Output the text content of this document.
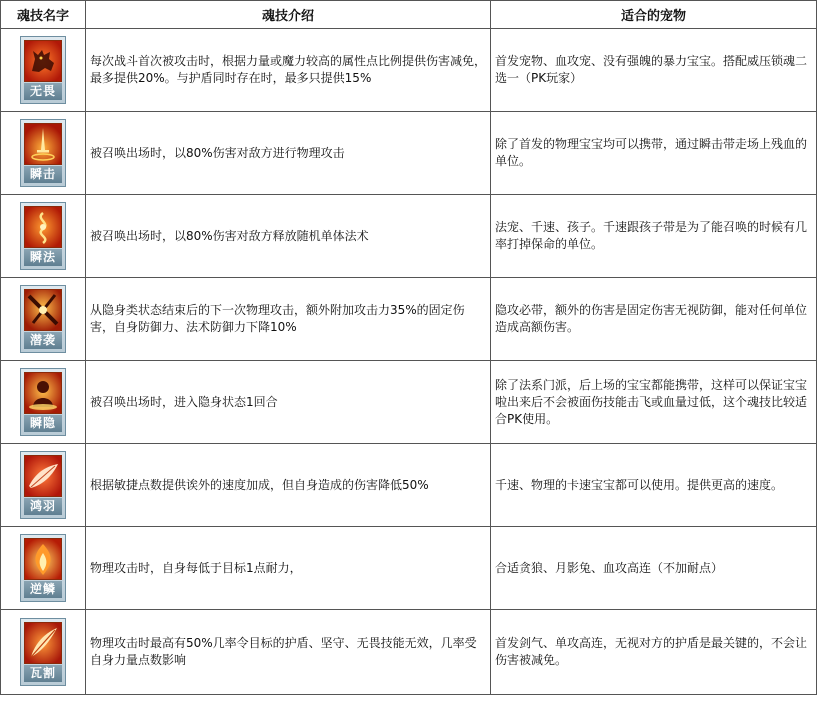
魂技名字	魂技介绍	适合的宠物

无畏	每次战斗首次被攻击时，根据力量或魔力较高的属性点比例提供伤害减免，最多提供20%。与护盾同时存在时，最多只提供15%	首发宠物、血攻宠、没有强魄的暴力宝宝。搭配威压锁魂二选一（PK玩家）

瞬击	被召唤出场时，以80%伤害对敌方进行物理攻击	除了首发的物理宝宝均可以携带，通过瞬击带走场上残血的单位。

瞬法	被召唤出场时，以80%伤害对敌方释放随机单体法术	法宠、千速、孩子。千速跟孩子带是为了能召唤的时候有几率打掉保命的单位。

潜袭	从隐身类状态结束后的下一次物理攻击，额外附加攻击力35%的固定伤害，自身防御力、法术防御力下降10%	隐攻必带，额外的伤害是固定伤害无视防御，能对任何单位造成高额伤害。

瞬隐	被召唤出场时，进入隐身状态1回合	除了法系门派，后上场的宝宝都能携带，这样可以保证宝宝啦出来后不会被面伤技能击飞或血量过低，这个魂技比较适合PK使用。

鸿羽	根据敏捷点数提供诶外的速度加成，但自身造成的伤害降低50%	千速、物理的卡速宝宝都可以使用。提供更高的速度。

逆鳞	物理攻击时，自身每低于目标1点耐力，	合适贪狼、月影兔、血攻高连（不加耐点）

瓦割	物理攻击时最高有50%几率令目标的护盾、坚守、无畏技能无效，几率受自身力量点数影响	首发剑气、单攻高连，无视对方的护盾是最关键的，不会让伤害被减免。
